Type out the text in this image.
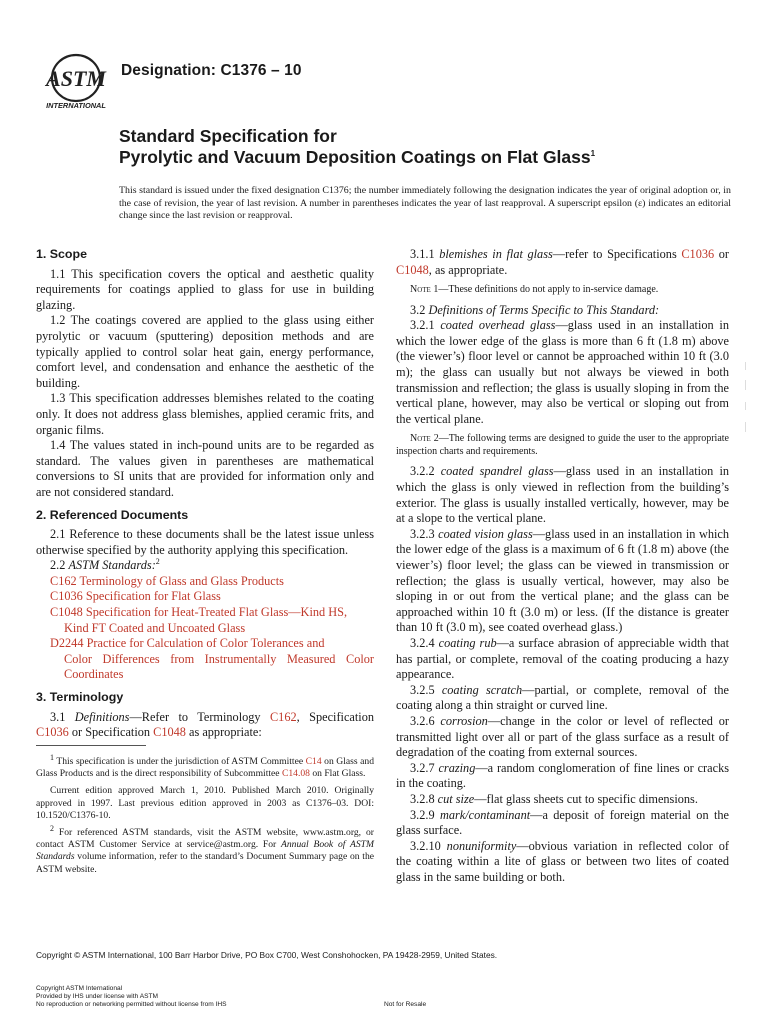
ASTM
INTERNATIONAL
Designation: C1376 – 10
Standard Specification for
Pyrolytic and Vacuum Deposition Coatings on Flat Glass$^1$
This standard is issued under the fixed designation C1376; the number immediately following the designation indicates the year of original adoption or, in the case of revision, the year of last revision. A number in parentheses indicates the year of last reapproval. A superscript epsilon (ε) indicates an editorial change since the last revision or reapproval.
1. Scope
1.1 This specification covers the optical and aesthetic quality requirements for coatings applied to glass for use in building glazing.
1.2 The coatings covered are applied to the glass using either pyrolytic or vacuum (sputtering) deposition methods and are typically applied to control solar heat gain, energy performance, comfort level, and condensation and enhance the aesthetic of the building.
1.3 This specification addresses blemishes related to the coating only. It does not address glass blemishes, applied ceramic frits, and organic films.
1.4 The values stated in inch-pound units are to be regarded as standard. The values given in parentheses are mathematical conversions to SI units that are provided for information only and are not considered standard.
2. Referenced Documents
2.1 Reference to these documents shall be the latest issue unless otherwise specified by the authority applying this specification.
2.2 ASTM Standards:$^2$
C162 Terminology of Glass and Glass Products
C1036 Specification for Flat Glass
C1048 Specification for Heat-Treated Flat Glass—Kind HS,
Kind FT Coated and Uncoated Glass
D2244 Practice for Calculation of Color Tolerances and
Color Differences from Instrumentally Measured Color Coordinates
3. Terminology
3.1 Definitions—Refer to Terminology C162, Specification C1036 or Specification C1048 as appropriate:
$^1$ This specification is under the jurisdiction of ASTM Committee C14 on Glass and Glass Products and is the direct responsibility of Subcommittee C14.08 on Flat Glass.
Current edition approved March 1, 2010. Published March 2010. Originally approved in 1997. Last previous edition approved in 2003 as C1376–03. DOI: 10.1520/C1376-10.
$^2$ For referenced ASTM standards, visit the ASTM website, www.astm.org, or contact ASTM Customer Service at service@astm.org. For Annual Book of ASTM Standards volume information, refer to the standard’s Document Summary page on the ASTM website.
3.1.1 blemishes in flat glass—refer to Specifications C1036 or C1048, as appropriate.
Note 1—These definitions do not apply to in-service damage.
3.2 Definitions of Terms Specific to This Standard:
3.2.1 coated overhead glass—glass used in an installation in which the lower edge of the glass is more than 6 ft (1.8 m) above (the viewer’s) floor level or cannot be approached within 10 ft (3.0 m); the glass can usually but not always be viewed in both transmission and reflection; the glass is usually sloping in from the vertical plane, however, may also be vertical or sloping out from the vertical plane.
Note 2—The following terms are designed to guide the user to the appropriate inspection charts and requirements.
3.2.2 coated spandrel glass—glass used in an installation in which the glass is only viewed in reflection from the building’s exterior. The glass is usually installed vertically, however, may be at a slope to the vertical plane.
3.2.3 coated vision glass—glass used in an installation in which the lower edge of the glass is a maximum of 6 ft (1.8 m) above (the viewer’s) floor level; the glass can be viewed in transmission or reflection; the glass is usually vertical, however, may also be sloping in or out from the vertical plane; and the glass can be approached within 10 ft (3.0 m) or less. (If the distance is greater than 10 ft (3.0 m), see coated overhead glass.)
3.2.4 coating rub—a surface abrasion of appreciable width that has partial, or complete, removal of the coating producing a hazy appearance.
3.2.5 coating scratch—partial, or complete, removal of the coating along a thin straight or curved line.
3.2.6 corrosion—change in the color or level of reflected or transmitted light over all or part of the glass surface as a result of degradation of the coating from external sources.
3.2.7 crazing—a random conglomeration of fine lines or cracks in the coating.
3.2.8 cut size—flat glass sheets cut to specific dimensions.
3.2.9 mark/contaminant—a deposit of foreign material on the glass surface.
3.2.10 nonuniformity—obvious variation in reflected color of the coating within a lite of glass or between two lites of coated glass in the same building or both.
Copyright © ASTM International, 100 Barr Harbor Drive, PO Box C700, West Conshohocken, PA 19428-2959, United States.
Copyright ASTM International
Provided by IHS under license with ASTM
No reproduction or networking permitted without license from IHS	Not for Resale
